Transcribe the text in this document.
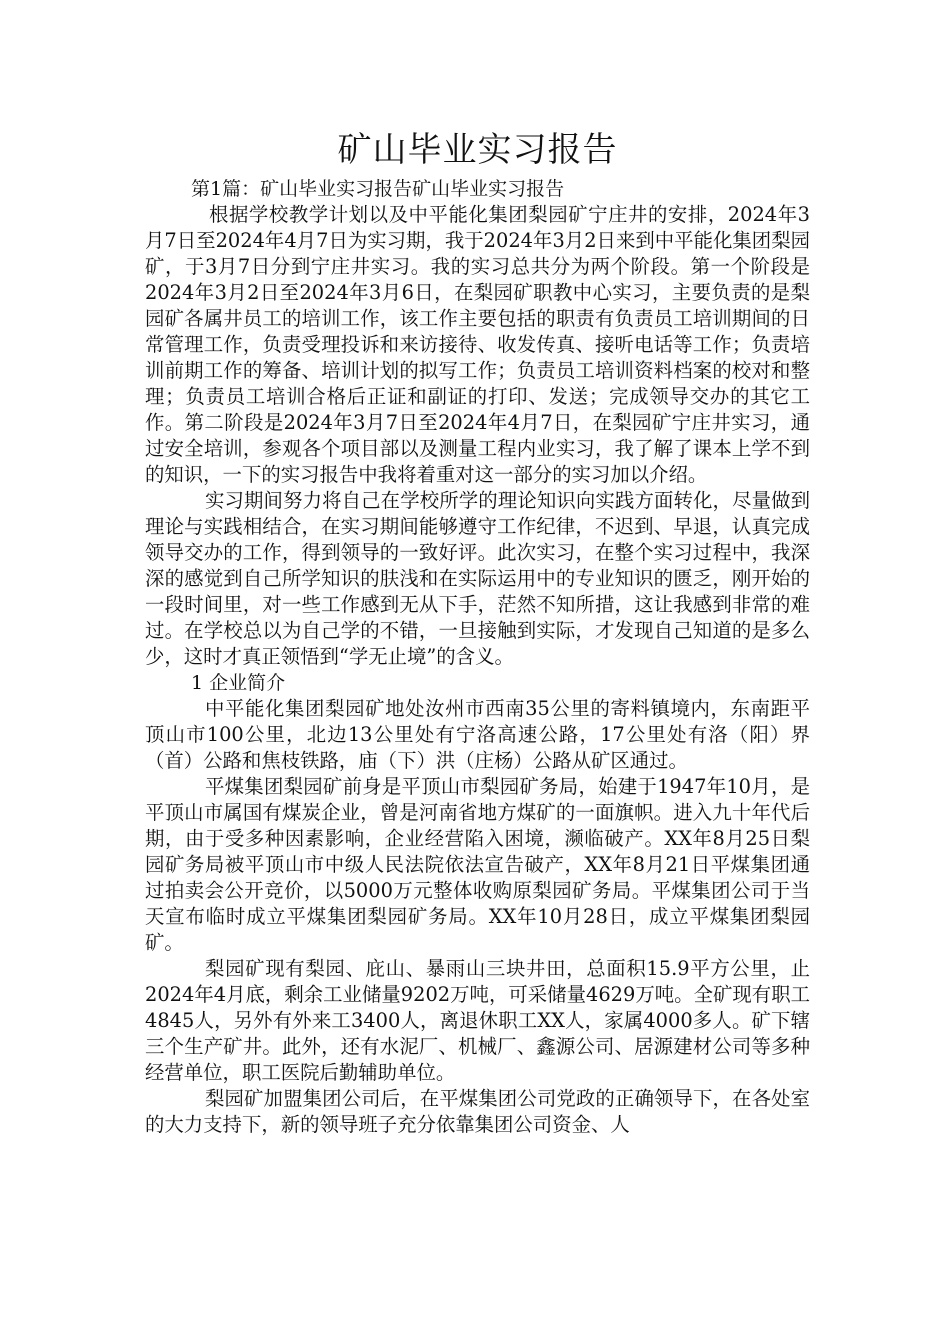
矿山毕业实习报告

第1篇：矿山毕业实习报告矿山毕业实习报告

根据学校教学计划以及中平能化集团梨园矿宁庄井的安排，2024年3月7日至2024年4月7日为实习期，我于2024年3月2日来到中平能化集团梨园矿，于3月7日分到宁庄井实习。我的实习总共分为两个阶段。第一个阶段是2024年3月2日至2024年3月6日，在梨园矿职教中心实习，主要负责的是梨园矿各属井员工的培训工作，该工作主要包括的职责有负责员工培训期间的日常管理工作，负责受理投诉和来访接待、收发传真、接听电话等工作；负责培训前期工作的筹备、培训计划的拟写工作；负责员工培训资料档案的校对和整理；负责员工培训合格后正证和副证的打印、发送；完成领导交办的其它工作。第二阶段是2024年3月7日至2024年4月7日，在梨园矿宁庄井实习，通过安全培训，参观各个项目部以及测量工程内业实习，我了解了课本上学不到的知识，一下的实习报告中我将着重对这一部分的实习加以介绍。

实习期间努力将自己在学校所学的理论知识向实践方面转化，尽量做到理论与实践相结合，在实习期间能够遵守工作纪律，不迟到、早退，认真完成领导交办的工作，得到领导的一致好评。此次实习，在整个实习过程中，我深深的感觉到自己所学知识的肤浅和在实际运用中的专业知识的匮乏，刚开始的一段时间里，对一些工作感到无从下手，茫然不知所措，这让我感到非常的难过。在学校总以为自己学的不错，一旦接触到实际，才发现自己知道的是多么少，这时才真正领悟到“学无止境”的含义。

1 企业简介

中平能化集团梨园矿地处汝州市西南35公里的寄料镇境内，东南距平顶山市100公里，北边13公里处有宁洛高速公路，17公里处有洛（阳）界（首）公路和焦枝铁路，庙（下）洪（庄杨）公路从矿区通过。

平煤集团梨园矿前身是平顶山市梨园矿务局，始建于1947年10月，是平顶山市属国有煤炭企业，曾是河南省地方煤矿的一面旗帜。进入九十年代后期，由于受多种因素影响，企业经营陷入困境，濒临破产。XX年8月25日梨园矿务局被平顶山市中级人民法院依法宣告破产，XX年8月21日平煤集团通过拍卖会公开竞价，以5000万元整体收购原梨园矿务局。平煤集团公司于当天宣布临时成立平煤集团梨园矿务局。XX年10月28日，成立平煤集团梨园矿。

梨园矿现有梨园、庇山、暴雨山三块井田，总面积15.9平方公里，止2024年4月底，剩余工业储量9202万吨，可采储量4629万吨。全矿现有职工4845人，另外有外来工3400人，离退休职工XX人，家属4000多人。矿下辖三个生产矿井。此外，还有水泥厂、机械厂、鑫源公司、居源建材公司等多种经营单位，职工医院后勤辅助单位。

梨园矿加盟集团公司后，在平煤集团公司党政的正确领导下，在各处室的大力支持下，新的领导班子充分依靠集团公司资金、人
